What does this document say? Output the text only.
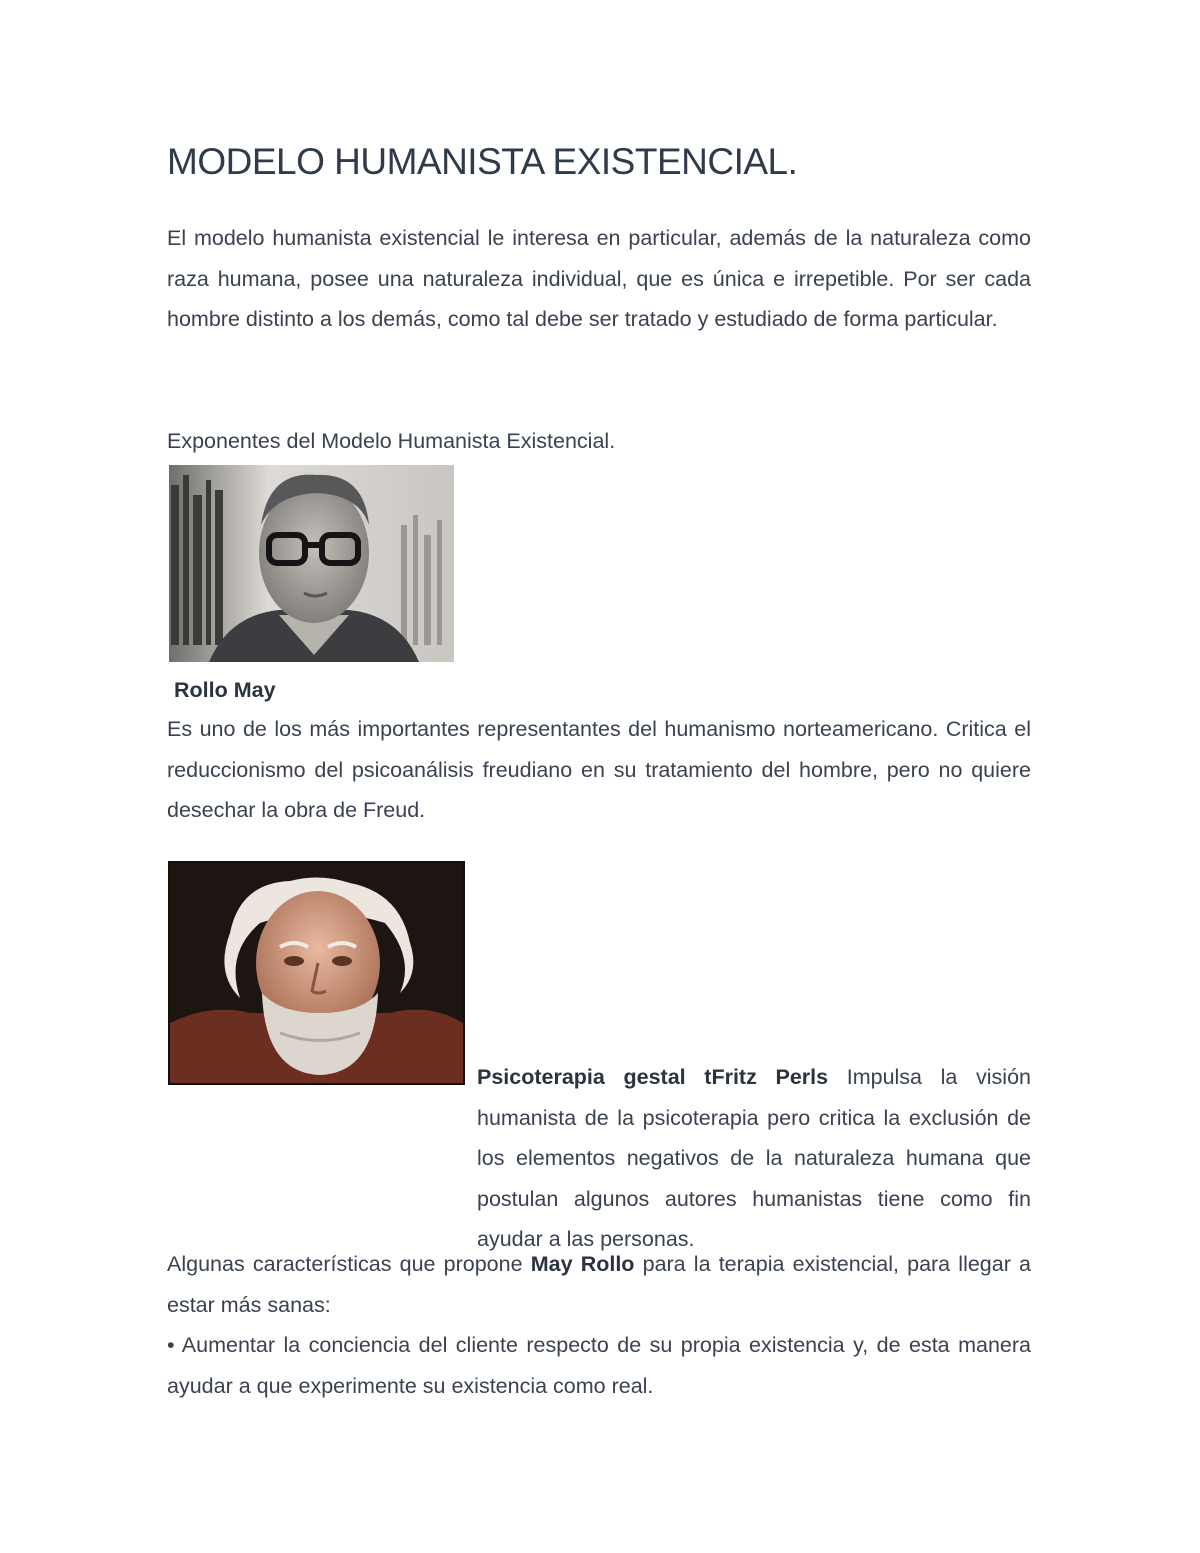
MODELO HUMANISTA EXISTENCIAL.

El modelo humanista existencial le interesa en particular, además de la naturaleza como raza humana, posee una naturaleza individual, que es única e irrepetible. Por ser cada hombre distinto a los demás, como tal debe ser tratado y estudiado de forma particular.

Exponentes del Modelo Humanista Existencial.

Rollo May

Es uno de los más importantes representantes del humanismo norteamericano. Critica el reduccionismo del psicoanálisis freudiano en su tratamiento del hombre, pero no quiere desechar la obra de Freud.

Psicoterapia gestal tFritz Perls Impulsa la visión humanista de la psicoterapia pero critica la exclusión de los elementos negativos de la naturaleza humana que postulan algunos autores humanistas tiene como fin ayudar a las personas.

Algunas características que propone May Rollo para la terapia existencial, para llegar a estar más sanas:
• Aumentar la conciencia del cliente respecto de su propia existencia y, de esta manera ayudar a que experimente su existencia como real.
